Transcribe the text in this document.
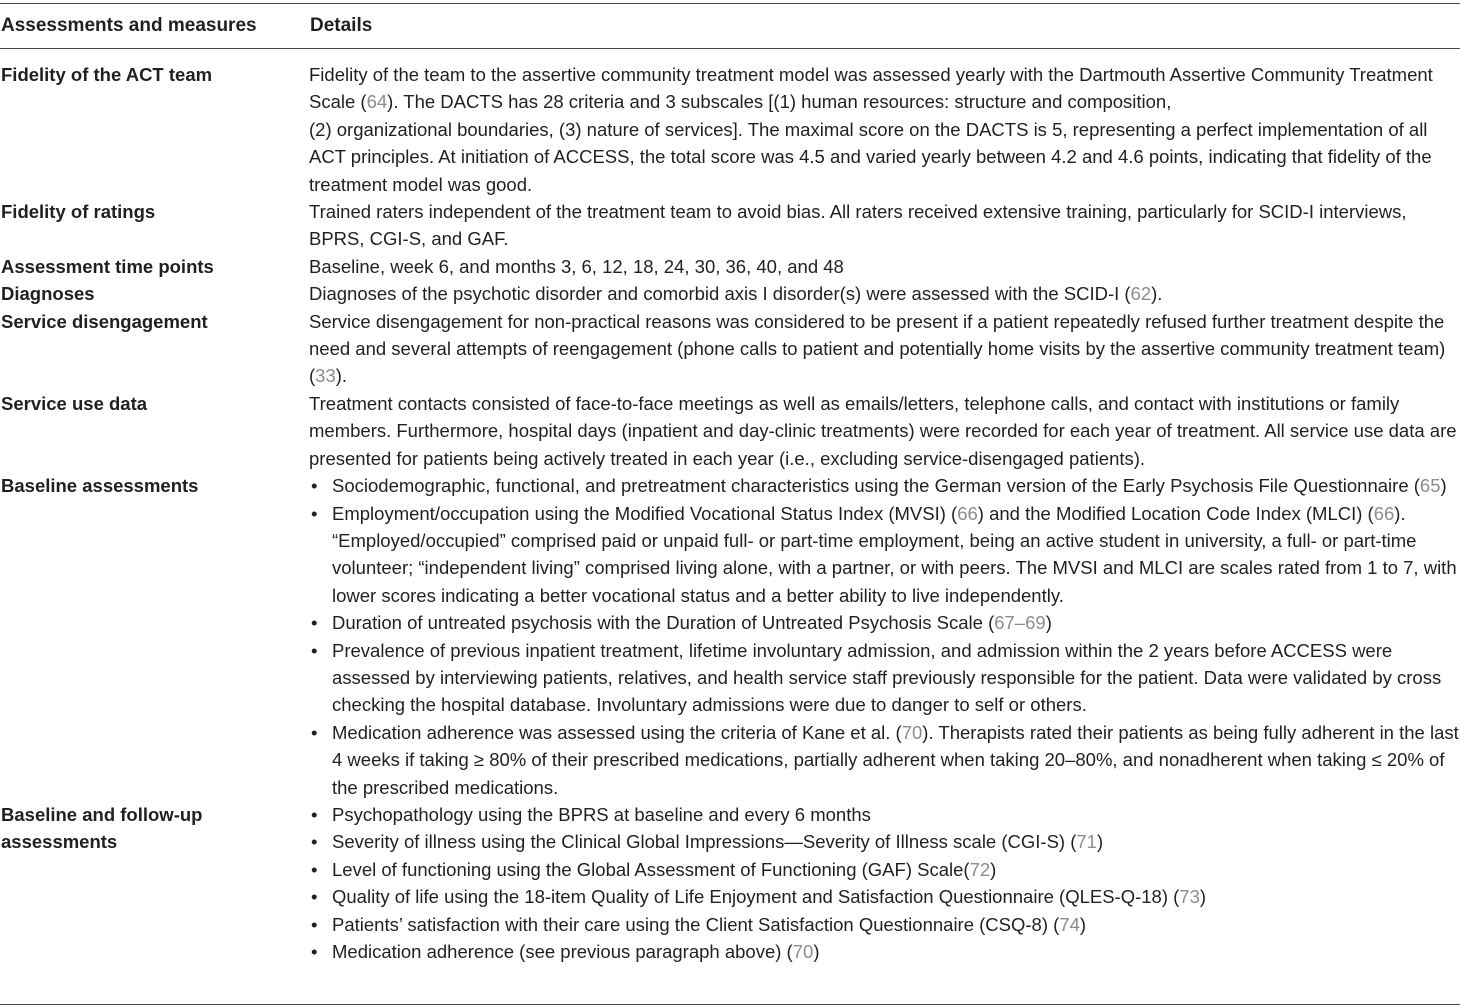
Assessments and measures	Details
Fidelity of the ACT team	Fidelity of the team to the assertive community treatment model was assessed yearly with the Dartmouth Assertive Community Treatment Scale (64). The DACTS has 28 criteria and 3 subscales [(1) human resources: structure and composition,
(2) organizational boundaries, (3) nature of services]. The maximal score on the DACTS is 5, representing a perfect implementation of all ACT principles. At initiation of ACCESS, the total score was 4.5 and varied yearly between 4.2 and 4.6 points, indicating that fidelity of the treatment model was good.
Fidelity of ratings	Trained raters independent of the treatment team to avoid bias. All raters received extensive training, particularly for SCID-I interviews, BPRS, CGI-S, and GAF.
Assessment time points	Baseline, week 6, and months 3, 6, 12, 18, 24, 30, 36, 40, and 48
Diagnoses	Diagnoses of the psychotic disorder and comorbid axis I disorder(s) were assessed with the SCID-I (62).
Service disengagement	Service disengagement for non-practical reasons was considered to be present if a patient repeatedly refused further treatment despite the need and several attempts of reengagement (phone calls to patient and potentially home visits by the assertive community treatment team) (33).
Service use data	Treatment contacts consisted of face-to-face meetings as well as emails/letters, telephone calls, and contact with institutions or family members. Furthermore, hospital days (inpatient and day-clinic treatments) were recorded for each year of treatment. All service use data are presented for patients being actively treated in each year (i.e., excluding service-disengaged patients).
Baseline assessments
•	Sociodemographic, functional, and pretreatment characteristics using the German version of the Early Psychosis File Questionnaire (65)
• Employment/occupation using the Modified Vocational Status Index (MVSI) (66) and the Modified Location Code Index (MLCI) (66). “Employed/occupied” comprised paid or unpaid full- or part-time employment, being an active student in university, a full- or part-time volunteer; “independent living” comprised living alone, with a partner, or with peers. The MVSI and MLCI are scales rated from 1 to 7, with lower scores indicating a better vocational status and a better ability to live independently.
• Duration of untreated psychosis with the Duration of Untreated Psychosis Scale (67–69)
• Prevalence of previous inpatient treatment, lifetime involuntary admission, and admission within the 2 years before ACCESS were assessed by interviewing patients, relatives, and health service staff previously responsible for the patient. Data were validated by cross checking the hospital database. Involuntary admissions were due to danger to self or others.
• Medication adherence was assessed using the criteria of Kane et al. (70). Therapists rated their patients as being fully adherent in the last 4 weeks if taking ≥ 80% of their prescribed medications, partially adherent when taking 20–80%, and nonadherent when taking ≤ 20% of the prescribed medications.
Baseline and follow-up
assessments
• Psychopathology using the BPRS at baseline and every 6 months
• Severity of illness using the Clinical Global Impressions—Severity of Illness scale (CGI-S) (71)
• Level of functioning using the Global Assessment of Functioning (GAF) Scale(72)
• Quality of life using the 18-item Quality of Life Enjoyment and Satisfaction Questionnaire (QLES-Q-18) (73)
• Patients’ satisfaction with their care using the Client Satisfaction Questionnaire (CSQ-8) (74)
• Medication adherence (see previous paragraph above) (70)
